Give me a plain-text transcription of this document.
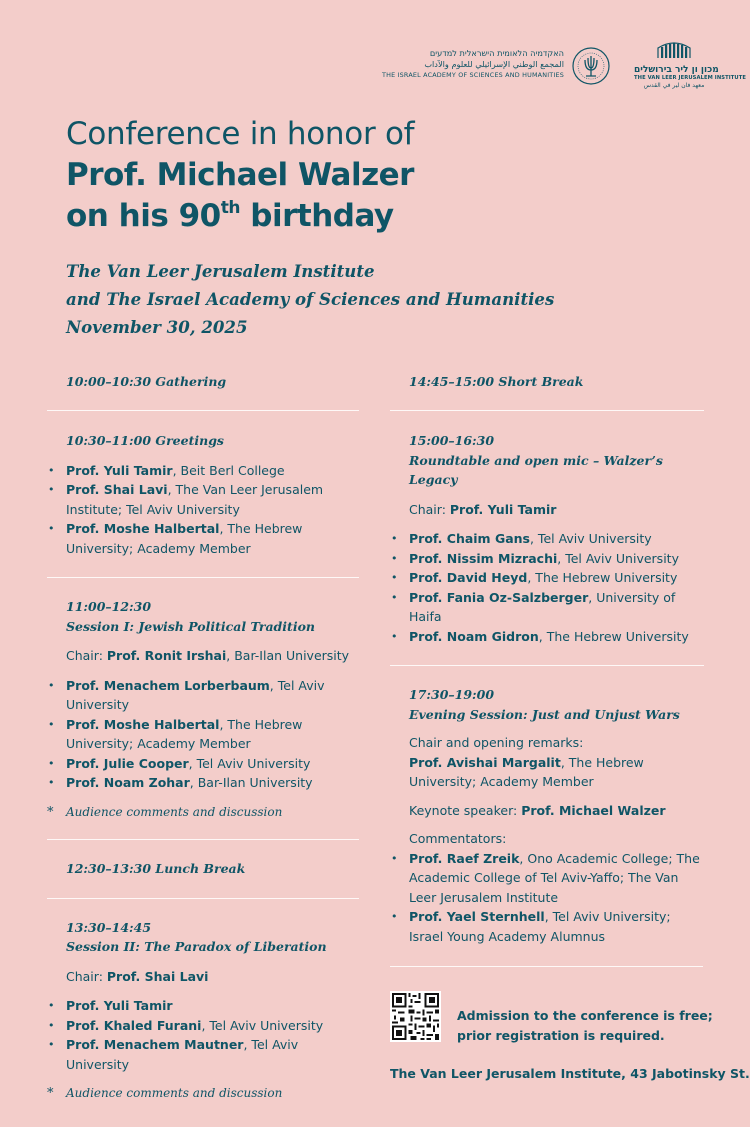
האקדמיה הלאומית הישראלית למדעים
المجمع الوطني الإسرائيلي للعلوم والآداب
THE ISRAEL ACADEMY OF SCIENCES AND HUMANITIES	מכון ון ליר בירושלים
THE VAN LEER JERUSALEM INSTITUTE
معهد فان لير في القدس
Conference in honor of
Prof. Michael Walzer
on his 90th birthday
The Van Leer Jerusalem Institute
and The Israel Academy of Sciences and Humanities
November 30, 2025
10:00–10:30 Gathering
10:30–11:00 Greetings
• Prof. Yuli Tamir, Beit Berl College
• Prof. Shai Lavi, The Van Leer Jerusalem Institute; Tel Aviv University
• Prof. Moshe Halbertal, The Hebrew University; Academy Member
11:00–12:30
Session I: Jewish Political Tradition
Chair: Prof. Ronit Irshai, Bar-Ilan University
• Prof. Menachem Lorberbaum, Tel Aviv University
• Prof. Moshe Halbertal, The Hebrew University; Academy Member
• Prof. Julie Cooper, Tel Aviv University
• Prof. Noam Zohar, Bar-Ilan University
* Audience comments and discussion
12:30–13:30 Lunch Break
13:30–14:45
Session II: The Paradox of Liberation
Chair: Prof. Shai Lavi
• Prof. Yuli Tamir
• Prof. Khaled Furani, Tel Aviv University
• Prof. Menachem Mautner, Tel Aviv University
* Audience comments and discussion
14:45–15:00 Short Break
15:00–16:30
Roundtable and open mic – Walzer’s Legacy
Chair: Prof. Yuli Tamir
• Prof. Chaim Gans, Tel Aviv University
• Prof. Nissim Mizrachi, Tel Aviv University
• Prof. David Heyd, The Hebrew University
• Prof. Fania Oz-Salzberger, University of Haifa
• Prof. Noam Gidron, The Hebrew University
17:30–19:00
Evening Session: Just and Unjust Wars
Chair and opening remarks:
Prof. Avishai Margalit, The Hebrew University; Academy Member
Keynote speaker: Prof. Michael Walzer
Commentators:
• Prof. Raef Zreik, Ono Academic College; The Academic College of Tel Aviv-Yaffo; The Van Leer Jerusalem Institute
• Prof. Yael Sternhell, Tel Aviv University; Israel Young Academy Alumnus
Admission to the conference is free;
prior registration is required.
The Van Leer Jerusalem Institute, 43 Jabotinsky St.
